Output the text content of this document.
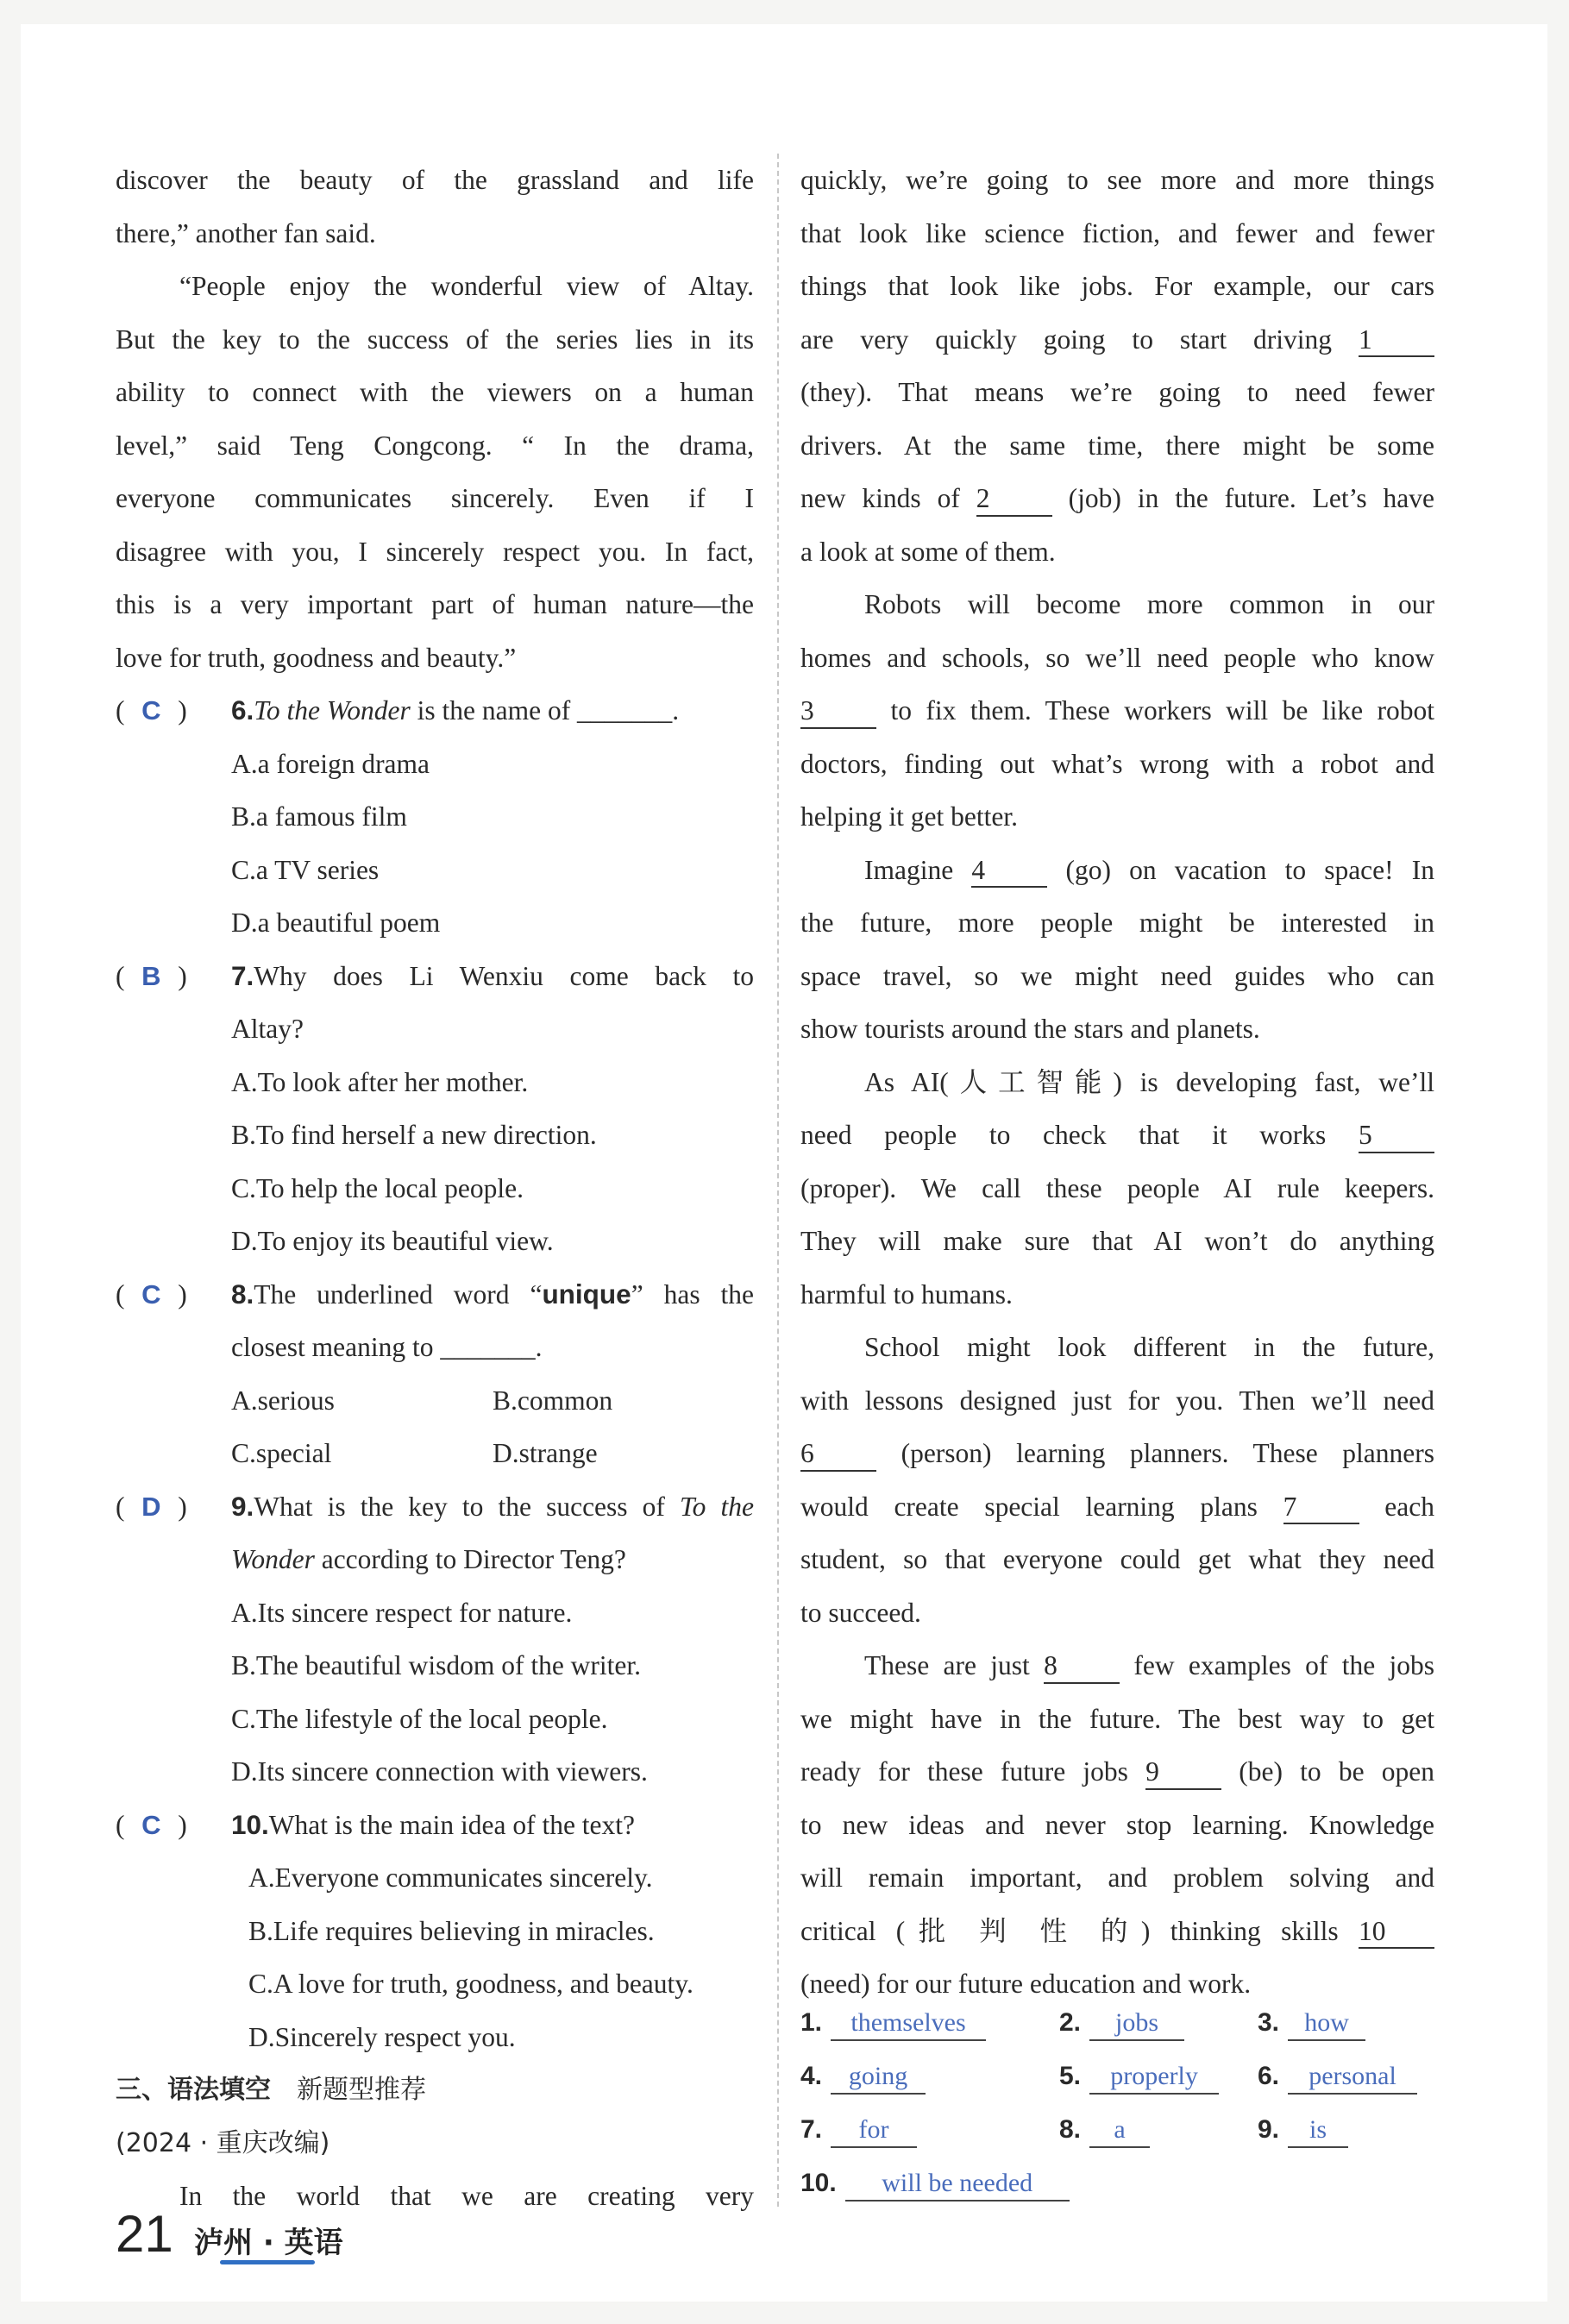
discover the beauty of the grassland and life

there,” another fan said.

“People enjoy the wonderful view of Altay.

But the key to the success of the series lies in its

ability to connect with the viewers on a human

level,” said Teng Congcong. “ In the drama,

everyone communicates sincerely. Even if I

disagree with you, I sincerely respect you. In fact,

this is a very important part of human nature—the

love for truth, goodness and beauty.”

( C )	6.To the Wonder is the name of _______.
A.a foreign drama
B.a famous film
C.a TV series
D.a beautiful poem
( B )	7.Why does Li Wenxiu come back to
Altay?
A.To look after her mother.
B.To find herself a new direction.
C.To help the local people.
D.To enjoy its beautiful view.
( C )	8.The underlined word “unique” has the
closest meaning to _______.
A.serious	B.common
C.special	D.strange
( D )	9.What is the key to the success of To the
Wonder according to Director Teng?
A.Its sincere respect for nature.
B.The beautiful wisdom of the writer.
C.The lifestyle of the local people.
D.Its sincere connection with viewers.
( C )	10.What is the main idea of the text?
A.Everyone communicates sincerely.
B.Life requires believing in miracles.
C.A love for truth, goodness, and beauty.
D.Sincerely respect you.
三、语法填空  新题型推荐
(2024 · 重庆改编)

In the world that we are creating very

quickly, we’re going to see more and more things

that look like science fiction, and fewer and fewer

things that look like jobs. For example, our cars

are very quickly going to start driving 1

(they). That means we’re going to need fewer

drivers. At the same time, there might be some

new kinds of 2	(job) in the future. Let’s have

a look at some of them.

Robots will become more common in our

homes and schools, so we’ll need people who know

3	to fix them. These workers will be like robot

doctors, finding out what’s wrong with a robot and

helping it get better.

Imagine 4	(go) on vacation to space! In

the future, more people might be interested in

space travel, so we might need guides who can

show tourists around the stars and planets.

As AI(人工智能) is developing fast, we’ll

need people to check that it works 5

(proper). We call these people AI rule keepers.

They will make sure that AI won’t do anything

harmful to humans.

School might look different in the future,

with lessons designed just for you. Then we’ll need

6	(person) learning planners. These planners

would create special learning plans 7	each

student, so that everyone could get what they need

to succeed.

These are just 8	few examples of the jobs

we might have in the future. The best way to get

ready for these future jobs 9	(be) to be open

to new ideas and never stop learning. Knowledge

will remain important, and problem solving and

critical (批 判 性 的) thinking skills 10

(need) for our future education and work.

1. themselves	2. jobs	3. how
4. going	5. properly	6. personal
7. for	8. a	9. is
10. will be needed
21 泸州 · 英语
